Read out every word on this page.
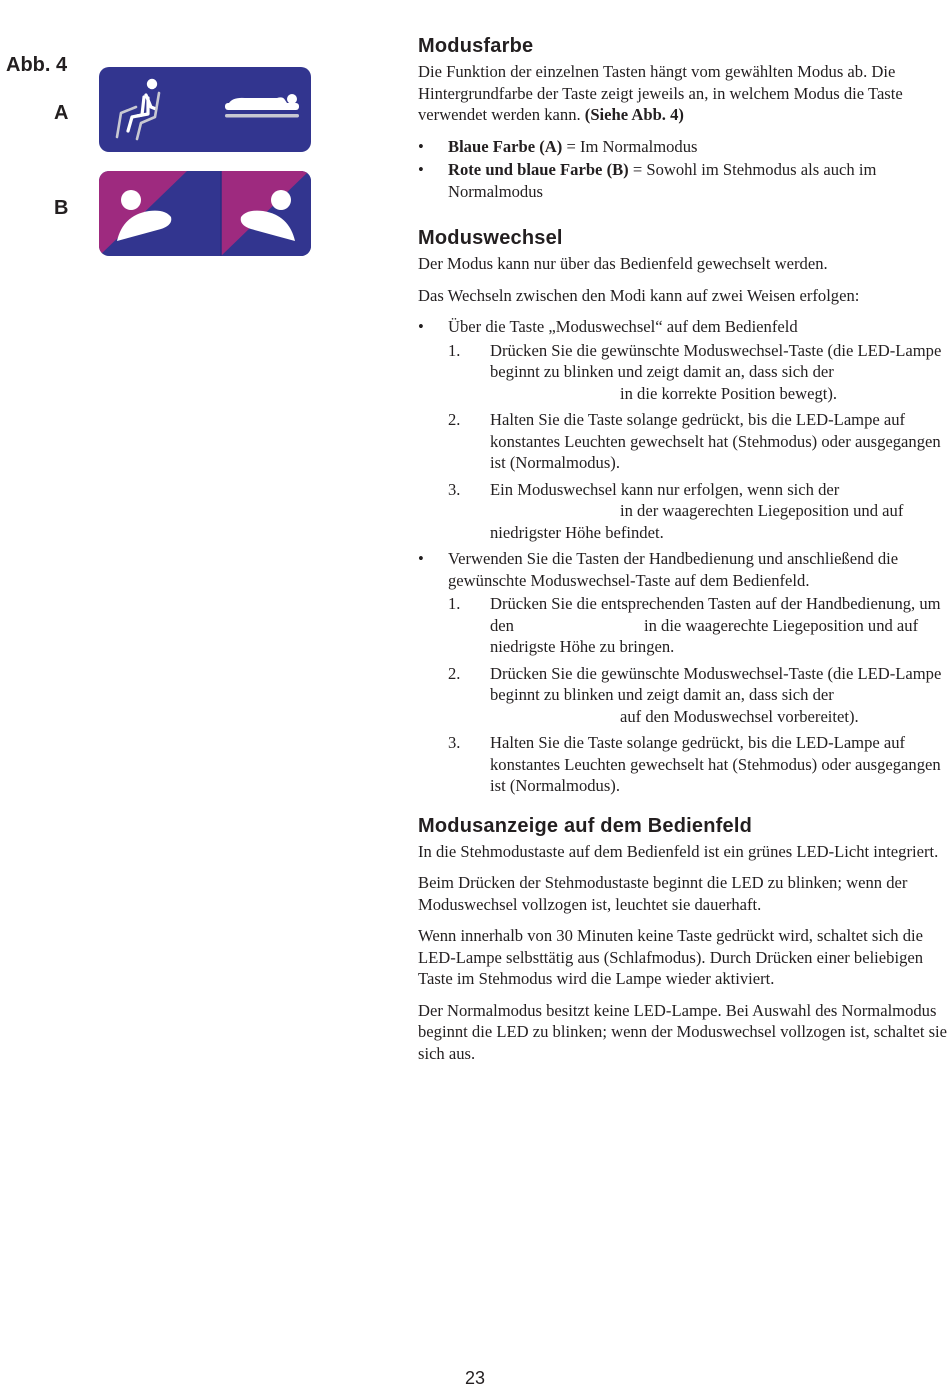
Abb. 4
A
B
Modusfarbe

Die Funktion der einzelnen Tasten hängt vom gewählten Modus ab. Die Hintergrundfarbe der Taste zeigt jeweils an, in welchem Modus die Taste verwendet werden kann. (Siehe Abb. 4)

• Blaue Farbe (A) = Im Normalmodus
• Rote und blaue Farbe (B) = Sowohl im Stehmodus als auch im Normalmodus
Moduswechsel

Der Modus kann nur über das Bedienfeld gewechselt werden.

Das Wechseln zwischen den Modi kann auf zwei Weisen erfolgen:

• Über die Taste „Moduswechsel“ auf dem Bedienfeld
1. Drücken Sie die gewünschte Moduswechsel-Taste (die LED-Lampe beginnt zu blinken und zeigt damit an, dass sich derin die korrekte Position bewegt).
2. Halten Sie die Taste solange gedrückt, bis die LED-Lampe auf konstantes Leuchten gewechselt hat (Stehmodus) oder ausgegangen ist (Normalmodus).
3. Ein Moduswechsel kann nur erfolgen, wenn sich der
in der waagerechten Liegeposition und auf niedrigster Höhe befindet.
• Verwenden Sie die Tasten der Handbedienung und anschließend die gewünschte Moduswechsel-Taste auf dem Bedienfeld.
1. Drücken Sie die entsprechenden Tasten auf der Handbedienung, um den	in die waagerechte Liegeposition und auf niedrigste Höhe zu bringen.
2. Drücken Sie die gewünschte Moduswechsel-Taste (die LED-Lampe beginnt zu blinken und zeigt damit an, dass sich derauf den Moduswechsel vorbereitet).
3. Halten Sie die Taste solange gedrückt, bis die LED-Lampe auf konstantes Leuchten gewechselt hat (Stehmodus) oder ausgegangen ist (Normalmodus).
Modusanzeige auf dem Bedienfeld

In die Stehmodustaste auf dem Bedienfeld ist ein grünes LED-Licht integriert.

Beim Drücken der Stehmodustaste beginnt die LED zu blinken; wenn der Moduswechsel vollzogen ist, leuchtet sie dauerhaft.

Wenn innerhalb von 30 Minuten keine Taste gedrückt wird, schaltet sich die LED-Lampe selbsttätig aus (Schlafmodus). Durch Drücken einer beliebigen Taste im Stehmodus wird die Lampe wieder aktiviert.

Der Normalmodus besitzt keine LED-Lampe. Bei Auswahl des Normalmodus beginnt die LED zu blinken; wenn der Moduswechsel vollzogen ist, schaltet sie sich aus.

23
